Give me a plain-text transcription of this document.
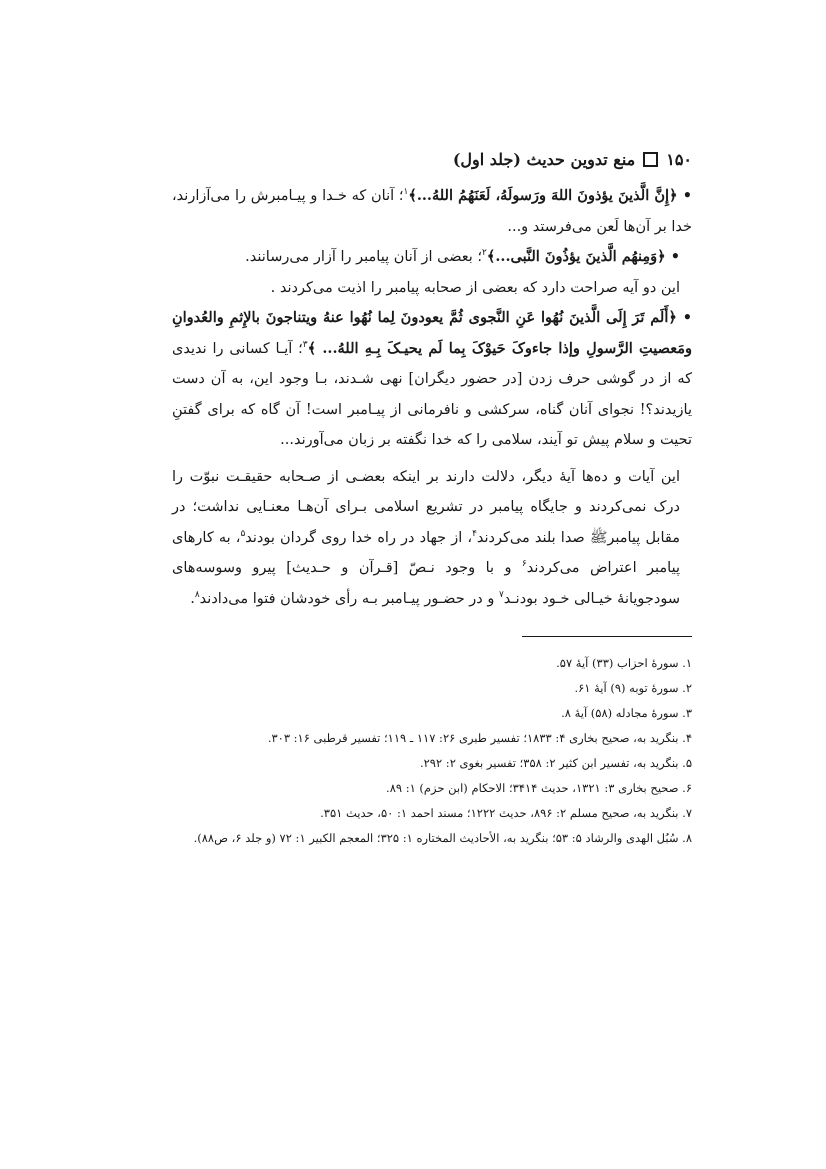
۱۵۰
منع تدوین حدیث (جلد اول)

• ﴿إِنَّ الَّذینَ یؤذونَ اللهَ ورَسولَهُ، لَعَنَهُمُ اللهُ...﴾$^۱$؛ آنان که خـدا و پیـامبرش را می‌آزارند، خدا بر آن‌ها لَعن می‌فرستد و...

• ﴿وَمِنهُم الَّذینَ یؤذُونَ النَّبی...﴾$^۲$؛ بعضی از آنان پیامبر را آزار می‌رسانند.

این دو آیه صراحت دارد که بعضی از صحابه پیامبر را اذیت می‌کردند .

• ﴿أَلَم تَرَ إِلَی الَّذینَ نُهُوا عَنِ النَّجوی ثُمَّ یعودونَ لِما نُهُوا عنهُ ویتناجونَ بالإِثمِ والعُدوانِ ومَعصیتِ الرَّسولِ وإذا جاءوکَ حَیوْکَ بِما لَم یحیـکَ بِـهِ اللهُ... ﴾$^۳$؛ آیـا کسانی را ندیدی که از در گوشی حرف زدن [در حضور دیگران] نهی شـدند، بـا وجود این، به آن دست یازیدند؟! نجوای آنان گناه، سرکشی و نافرمانی از پیـامبر است! آن گاه که برای گفتنِ تحیت و سلام پیش تو آیند، سلامی را که خدا نگفته بر زبان می‌آورند...

این آیات و ده‌ها آیهٔ دیگر، دلالت دارند بر اینکه بعضـی از صـحابه حقیقـت نبوّت را درک نمی‌کردند و جایگاه پیامبر در تشریع اسلامی بـرای آن‌هـا معنـایی نداشت؛ در مقابل پیامبرﷺ صدا بلند می‌کردند$^۴$، از جهاد در راه خدا روی گردان بودند$^۵$، به کارهای پیامبر اعتراض می‌کردند$^۶$ و با وجود نـصّ [قـرآن و حـدیث] پیرو وسوسه‌های سودجویانهٔ خیـالی خـود بودنـد$^۷$ و در حضـور پیـامبر بـه رأی خودشان فتوا می‌دادند$^۸$.

۱. سورهٔ احزاب (۳۳) آیهٔ ۵۷.

۲. سورهٔ توبه (۹) آیهٔ ۶۱.

۳. سورهٔ مجادله (۵۸) آیهٔ ۸.

۴. بنگرید به، صحیح بخاری ۴: ۱۸۳۳؛ تفسیر طبری ۲۶: ۱۱۷ ـ ۱۱۹؛ تفسیر قرطبی ۱۶: ۳۰۳.

۵. بنگرید به، تفسیر ابن کثیر ۲: ۳۵۸؛ تفسیر بغوی ۲: ۲۹۲.

۶. صحیح بخاری ۳: ۱۳۲۱، حدیث ۳۴۱۴؛ الاحکام (ابن حزم) ۱: ۸۹.

۷. بنگرید به، صحیح مسلم ۲: ۸۹۶، حدیث ۱۲۲۲؛ مسند احمد ۱: ۵۰، حدیث ۳۵۱.

۸. سُبُل الهدی والرشاد ۵: ۵۳؛ بنگرید به، الأحادیث المختاره ۱: ۳۲۵؛ المعجم الکبیر ۱: ۷۲ (و جلد ۶، ص۸۸).
